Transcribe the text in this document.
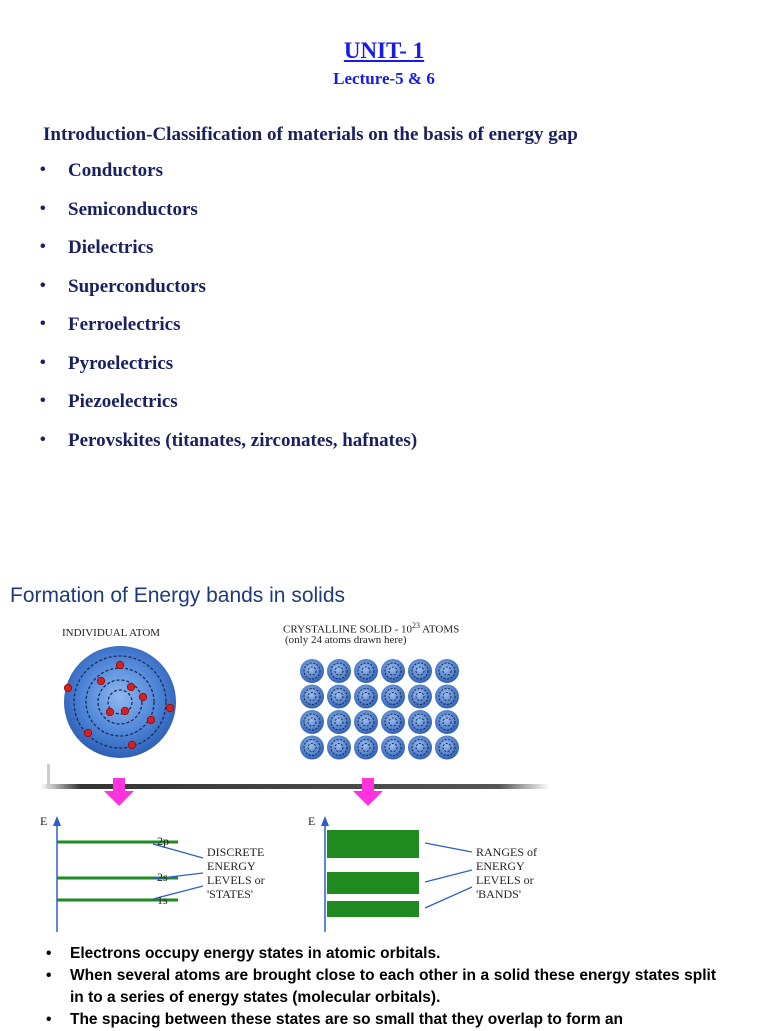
UNIT- 1
Lecture-5 & 6
Introduction-Classification of materials on the basis of energy gap
• Conductors
• Semiconductors
• Dielectrics
• Superconductors
• Ferroelectrics
• Pyroelectrics
• Piezoelectrics
• Perovskites (titanates, zirconates, hafnates)
Formation of Energy bands in solids
INDIVIDUAL ATOM	CRYSTALLINE SOLID - $10^{23}$ ATOMS
(only 24 atoms drawn here)
E	E
2p
2s
1s
DISCRETE
ENERGY
LEVELS or
'STATES'
RANGES of
ENERGY
LEVELS or
'BANDS'
• Electrons occupy energy states in atomic orbitals.
• When several atoms are brought close to each other in a solid these energy states split in to a series of energy states (molecular orbitals).
• The spacing between these states are so small that they overlap to form an
